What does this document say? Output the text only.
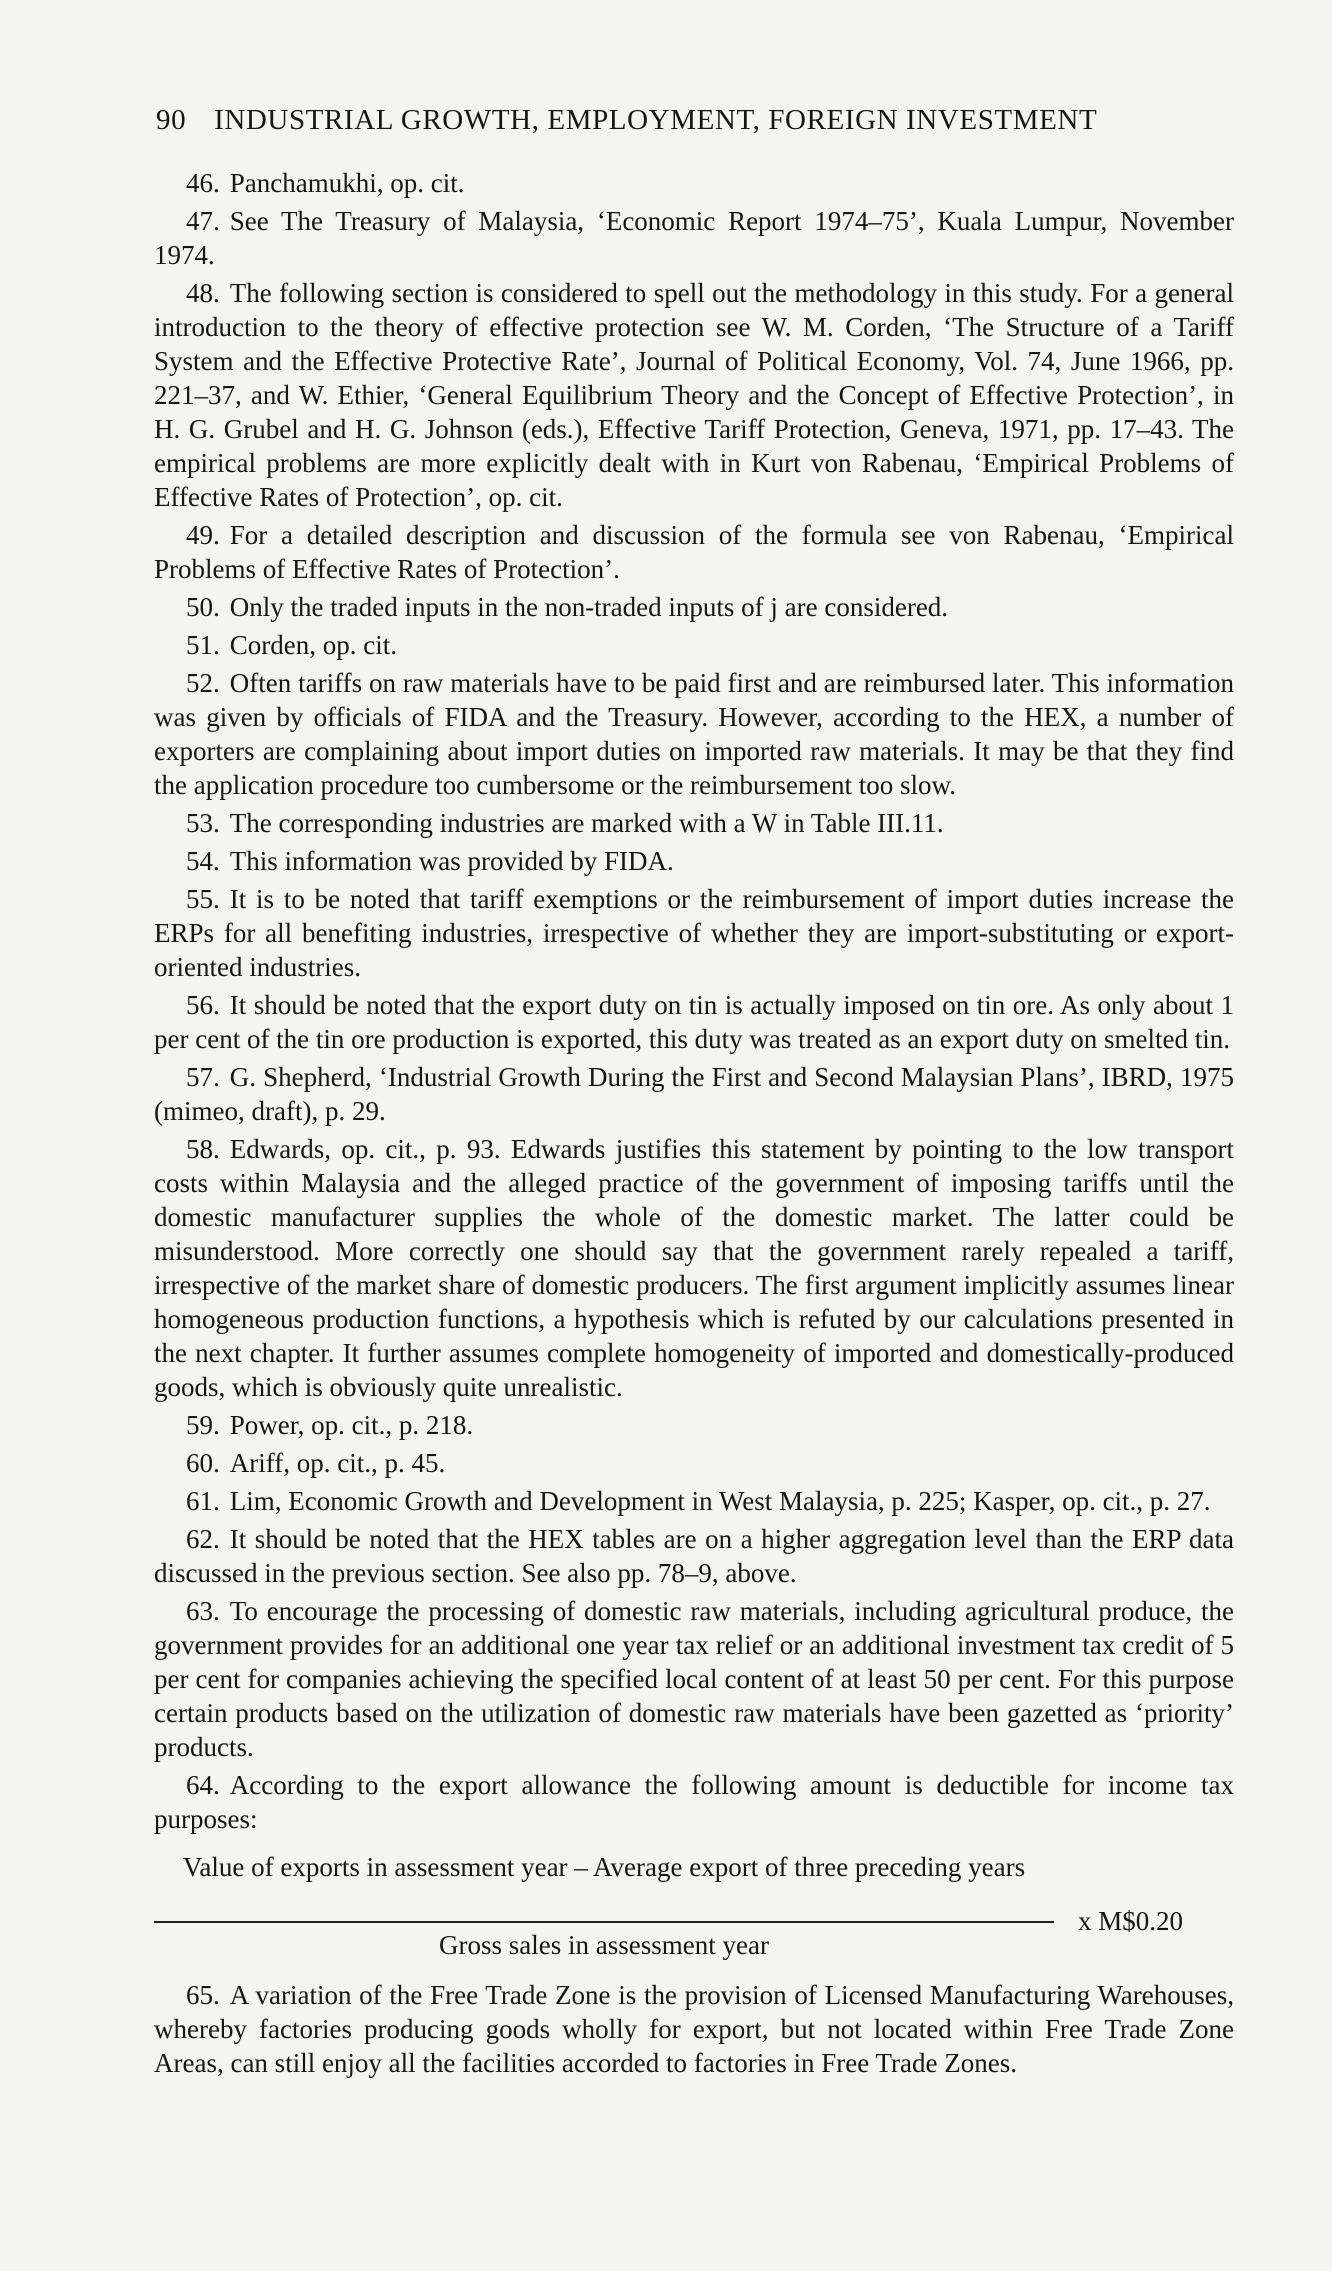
90 INDUSTRIAL GROWTH, EMPLOYMENT, FOREIGN INVESTMENT

46. Panchamukhi, op. cit.

47. See The Treasury of Malaysia, ‘Economic Report 1974–75’, Kuala Lumpur, November 1974.

48. The following section is considered to spell out the methodology in this study. For a general introduction to the theory of effective protection see W. M. Corden, ‘The Structure of a Tariff System and the Effective Protective Rate’, Journal of Political Economy, Vol. 74, June 1966, pp. 221–37, and W. Ethier, ‘General Equilibrium Theory and the Concept of Effective Protection’, in H. G. Grubel and H. G. Johnson (eds.), Effective Tariff Protection, Geneva, 1971, pp. 17–43. The empirical problems are more explicitly dealt with in Kurt von Rabenau, ‘Empirical Problems of Effective Rates of Protection’, op. cit.

49. For a detailed description and discussion of the formula see von Rabenau, ‘Empirical Problems of Effective Rates of Protection’.

50. Only the traded inputs in the non-traded inputs of j are considered.

51. Corden, op. cit.

52. Often tariffs on raw materials have to be paid first and are reimbursed later. This information was given by officials of FIDA and the Treasury. However, according to the HEX, a number of exporters are complaining about import duties on imported raw materials. It may be that they find the application procedure too cumbersome or the reimbursement too slow.

53. The corresponding industries are marked with a W in Table III.11.

54. This information was provided by FIDA.

55. It is to be noted that tariff exemptions or the reimbursement of import duties increase the ERPs for all benefiting industries, irrespective of whether they are import-substituting or export-oriented industries.

56. It should be noted that the export duty on tin is actually imposed on tin ore. As only about 1 per cent of the tin ore production is exported, this duty was treated as an export duty on smelted tin.

57. G. Shepherd, ‘Industrial Growth During the First and Second Malaysian Plans’, IBRD, 1975 (mimeo, draft), p. 29.

58. Edwards, op. cit., p. 93. Edwards justifies this statement by pointing to the low transport costs within Malaysia and the alleged practice of the government of imposing tariffs until the domestic manufacturer supplies the whole of the domestic market. The latter could be misunderstood. More correctly one should say that the government rarely repealed a tariff, irrespective of the market share of domestic producers. The first argument implicitly assumes linear homogeneous production functions, a hypothesis which is refuted by our calculations presented in the next chapter. It further assumes complete homogeneity of imported and domestically-produced goods, which is obviously quite unrealistic.

59. Power, op. cit., p. 218.

60. Ariff, op. cit., p. 45.

61. Lim, Economic Growth and Development in West Malaysia, p. 225; Kasper, op. cit., p. 27.

62. It should be noted that the HEX tables are on a higher aggregation level than the ERP data discussed in the previous section. See also pp. 78–9, above.

63. To encourage the processing of domestic raw materials, including agricultural produce, the government provides for an additional one year tax relief or an additional investment tax credit of 5 per cent for companies achieving the specified local content of at least 50 per cent. For this purpose certain products based on the utilization of domestic raw materials have been gazetted as ‘priority’ products.

64. According to the export allowance the following amount is deductible for income tax purposes:

Value of exports in assessment year – Average export of three preceding years
Gross sales in assessment year
x M$0.20

65. A variation of the Free Trade Zone is the provision of Licensed Manufacturing Warehouses, whereby factories producing goods wholly for export, but not located within Free Trade Zone Areas, can still enjoy all the facilities accorded to factories in Free Trade Zones.
